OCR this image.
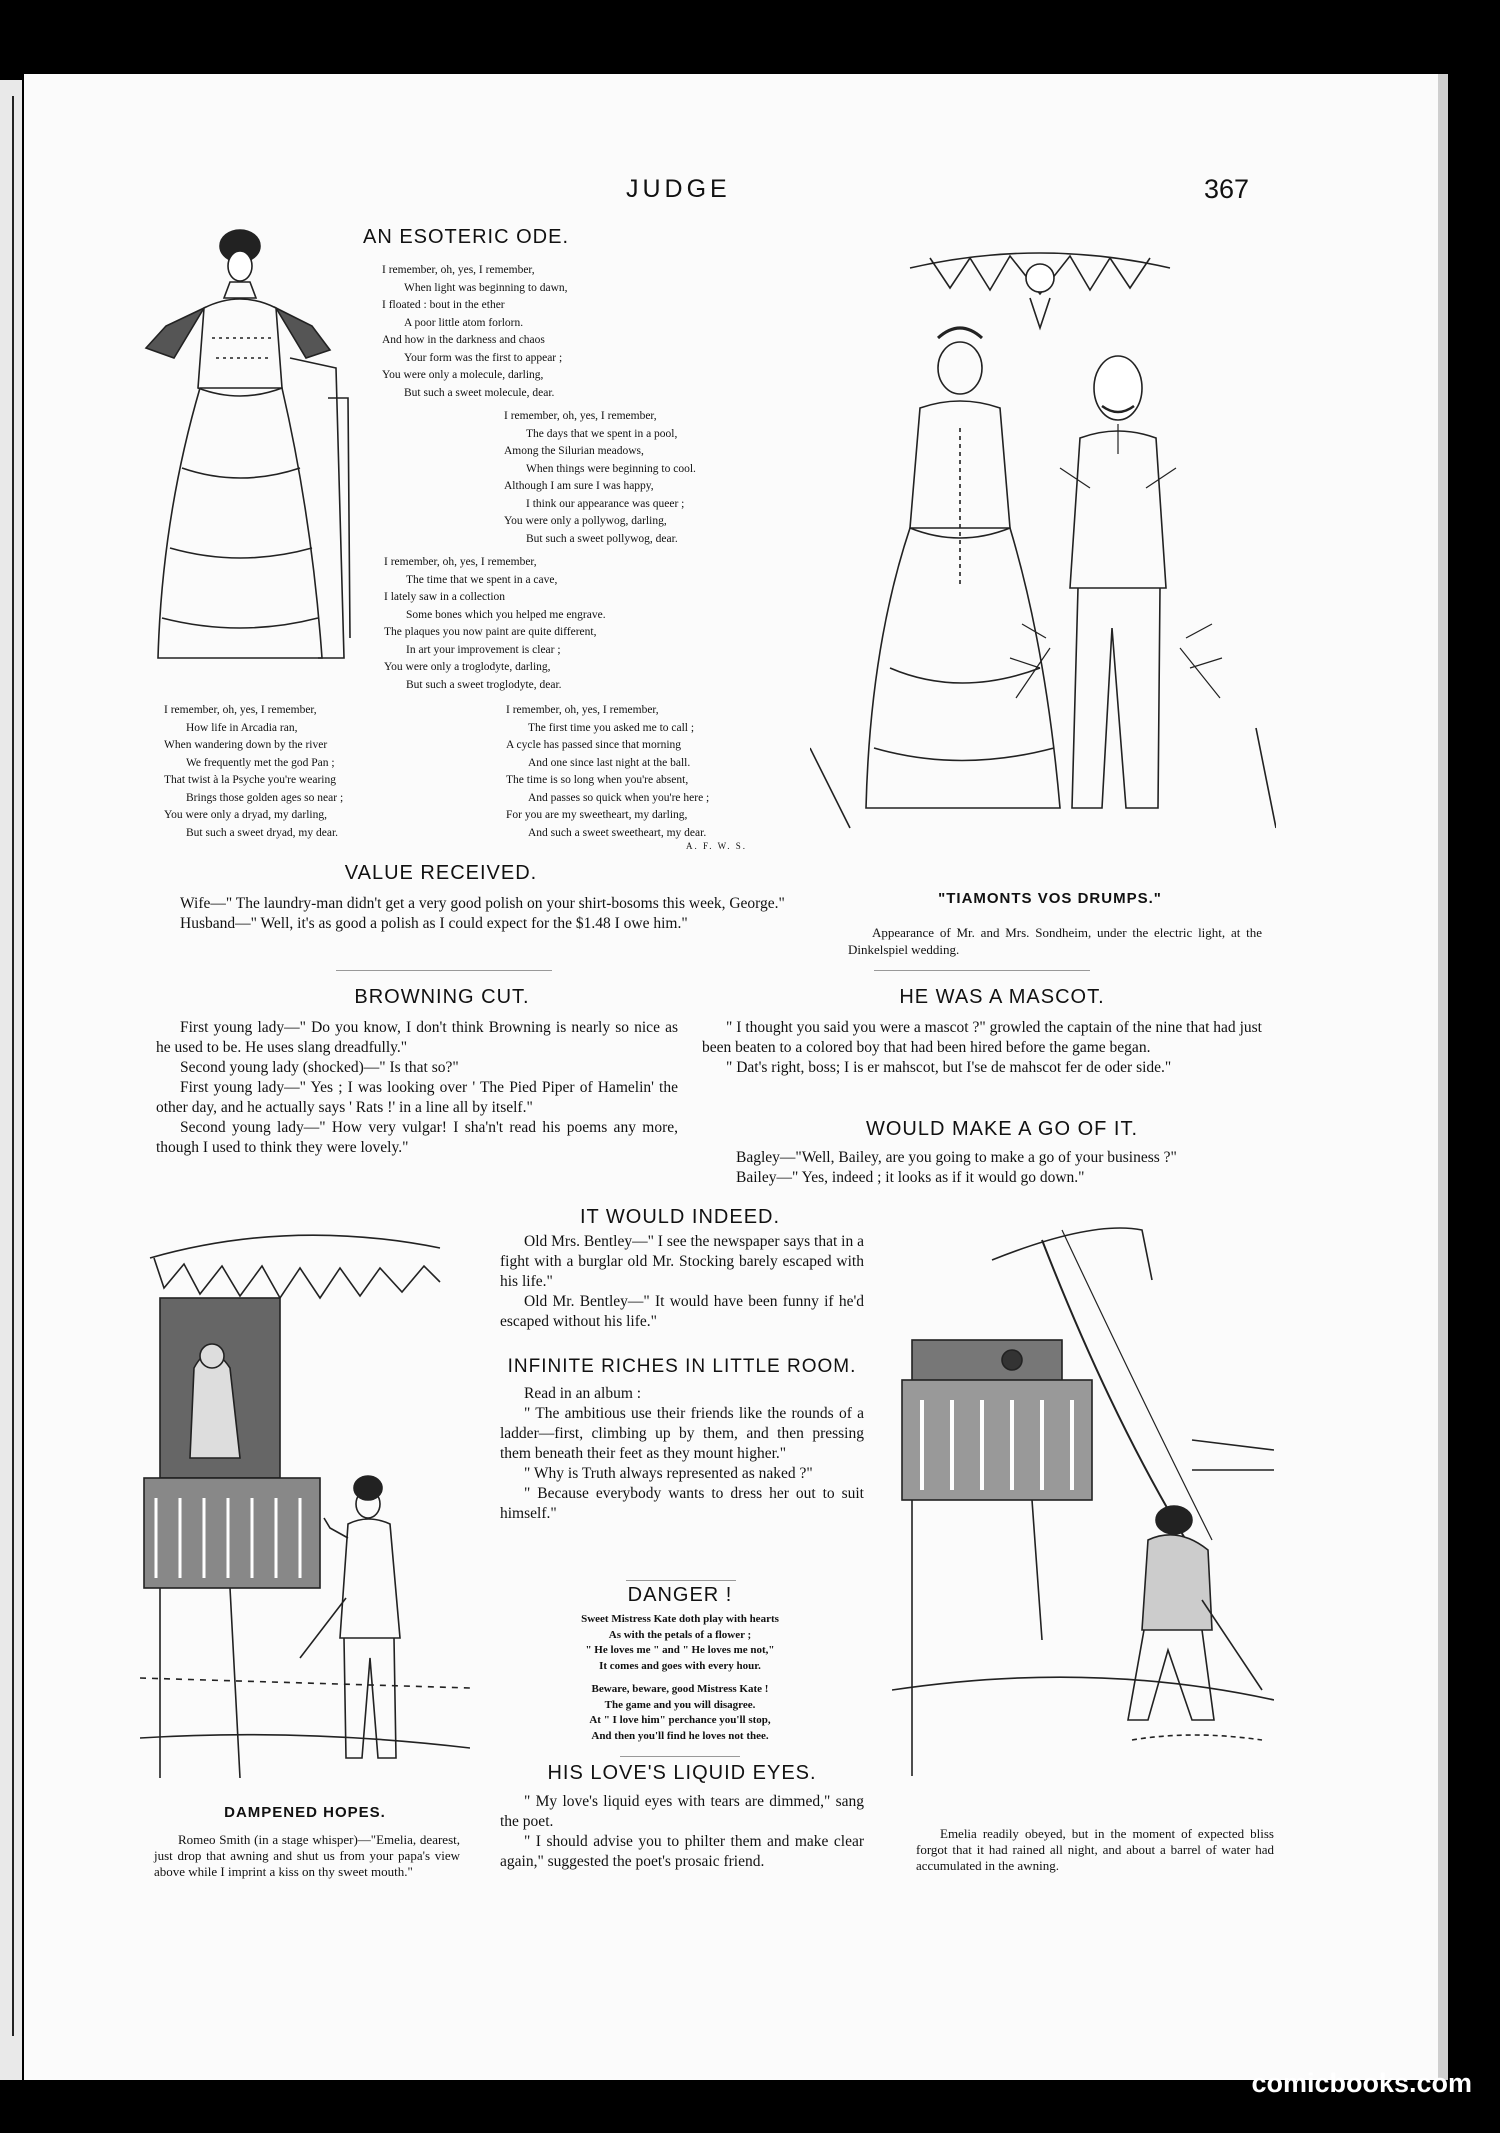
JUDGE	367
AN ESOTERIC ODE.
I remember, oh, yes, I remember,
When light was beginning to dawn,
I floated : bout in the ether
A poor little atom forlorn.
And how in the darkness and chaos
Your form was the first to appear ;
You were only a molecule, darling,
But such a sweet molecule, dear.
I remember, oh, yes, I remember,
The days that we spent in a pool,
Among the Silurian meadows,
When things were beginning to cool.
Although I am sure I was happy,
I think our appearance was queer ;
You were only a pollywog, darling,
But such a sweet pollywog, dear.
I remember, oh, yes, I remember,
The time that we spent in a cave,
I lately saw in a collection
Some bones which you helped me engrave.
The plaques you now paint are quite different,
In art your improvement is clear ;
You were only a troglodyte, darling,
But such a sweet troglodyte, dear.
I remember, oh, yes, I remember,
How life in Arcadia ran,
When wandering down by the river
We frequently met the god Pan ;
That twist à la Psyche you're wearing
Brings those golden ages so near ;
You were only a dryad, my darling,
But such a sweet dryad, my dear.
I remember, oh, yes, I remember,
The first time you asked me to call ;
A cycle has passed since that morning
And one since last night at the ball.
The time is so long when you're absent,
And passes so quick when you're here ;
For you are my sweetheart, my darling,
And such a sweet sweetheart, my dear.
A. F. W. S.
"TIAMONTS VOS DRUMPS."

Appearance of Mr. and Mrs. Sondheim, under the electric light, at the Dinkelspiel wedding.

VALUE RECEIVED.

Wife—" The laundry-man didn't get a very good polish on your shirt-bosoms this week, George."

Husband—" Well, it's as good a polish as I could expect for the $1.48 I owe him."

BROWNING CUT.

First young lady—" Do you know, I don't think Browning is nearly so nice as he used to be. He uses slang dreadfully."

Second young lady (shocked)—" Is that so?"

First young lady—" Yes ; I was looking over ' The Pied Piper of Hamelin' the other day, and he actually says ' Rats !' in a line all by itself."

Second young lady—" How very vulgar! I sha'n't read his poems any more, though I used to think they were lovely."

HE WAS A MASCOT.

" I thought you said you were a mascot ?" growled the captain of the nine that had just been beaten to a colored boy that had been hired before the game began.

" Dat's right, boss; I is er mahscot, but I'se de mahscot fer de oder side."

WOULD MAKE A GO OF IT.

Bagley—"Well, Bailey, are you going to make a go of your business ?"

Bailey—" Yes, indeed ; it looks as if it would go down."

DAMPENED HOPES.

Romeo Smith (in a stage whisper)—"Emelia, dearest, just drop that awning and shut us from your papa's view above while I imprint a kiss on thy sweet mouth."

IT WOULD INDEED.

Old Mrs. Bentley—" I see the newspaper says that in a fight with a burglar old Mr. Stocking barely escaped with his life."

Old Mr. Bentley—" It would have been funny if he'd escaped without his life."

INFINITE RICHES IN LITTLE ROOM.

Read in an album :

" The ambitious use their friends like the rounds of a ladder—first, climbing up by them, and then pressing them beneath their feet as they mount higher."

" Why is Truth always represented as naked ?"

" Because everybody wants to dress her out to suit himself."

DANGER !
Sweet Mistress Kate doth play with hearts
As with the petals of a flower ;
" He loves me " and " He loves me not,"
It comes and goes with every hour.
Beware, beware, good Mistress Kate !
The game and you will disagree.
At " I love him" perchance you'll stop,
And then you'll find he loves not thee.
HIS LOVE'S LIQUID EYES.

" My love's liquid eyes with tears are dimmed," sang the poet.

" I should advise you to philter them and make clear again," suggested the poet's prosaic friend.

Emelia readily obeyed, but in the moment of expected bliss forgot that it had rained all night, and about a barrel of water had accumulated in the awning.

comicbooks.com
